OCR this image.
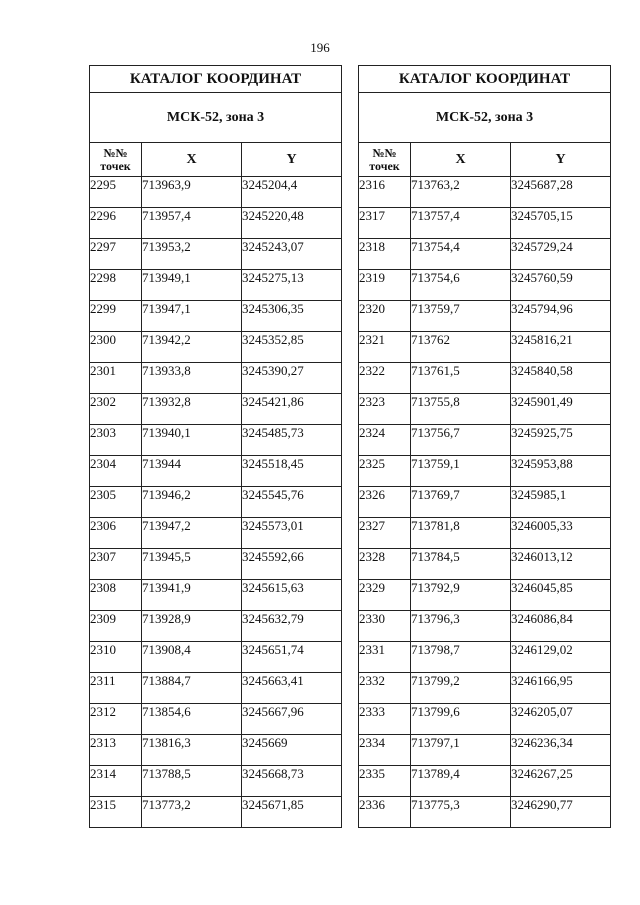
196
КАТАЛОГ КООРДИНАТ		
МСК-52, зона 3		
№№
точек	X	Y
2295	713963,9	3245204,4
2296	713957,4	3245220,48
2297	713953,2	3245243,07
2298	713949,1	3245275,13
2299	713947,1	3245306,35
2300	713942,2	3245352,85
2301	713933,8	3245390,27
2302	713932,8	3245421,86
2303	713940,1	3245485,73
2304	713944	3245518,45
2305	713946,2	3245545,76
2306	713947,2	3245573,01
2307	713945,5	3245592,66
2308	713941,9	3245615,63
2309	713928,9	3245632,79
2310	713908,4	3245651,74
2311	713884,7	3245663,41
2312	713854,6	3245667,96
2313	713816,3	3245669
2314	713788,5	3245668,73
2315	713773,2	3245671,85
КАТАЛОГ КООРДИНАТ		
МСК-52, зона 3		
№№
точек	X	Y
2316	713763,2	3245687,28
2317	713757,4	3245705,15
2318	713754,4	3245729,24
2319	713754,6	3245760,59
2320	713759,7	3245794,96
2321	713762	3245816,21
2322	713761,5	3245840,58
2323	713755,8	3245901,49
2324	713756,7	3245925,75
2325	713759,1	3245953,88
2326	713769,7	3245985,1
2327	713781,8	3246005,33
2328	713784,5	3246013,12
2329	713792,9	3246045,85
2330	713796,3	3246086,84
2331	713798,7	3246129,02
2332	713799,2	3246166,95
2333	713799,6	3246205,07
2334	713797,1	3246236,34
2335	713789,4	3246267,25
2336	713775,3	3246290,77
